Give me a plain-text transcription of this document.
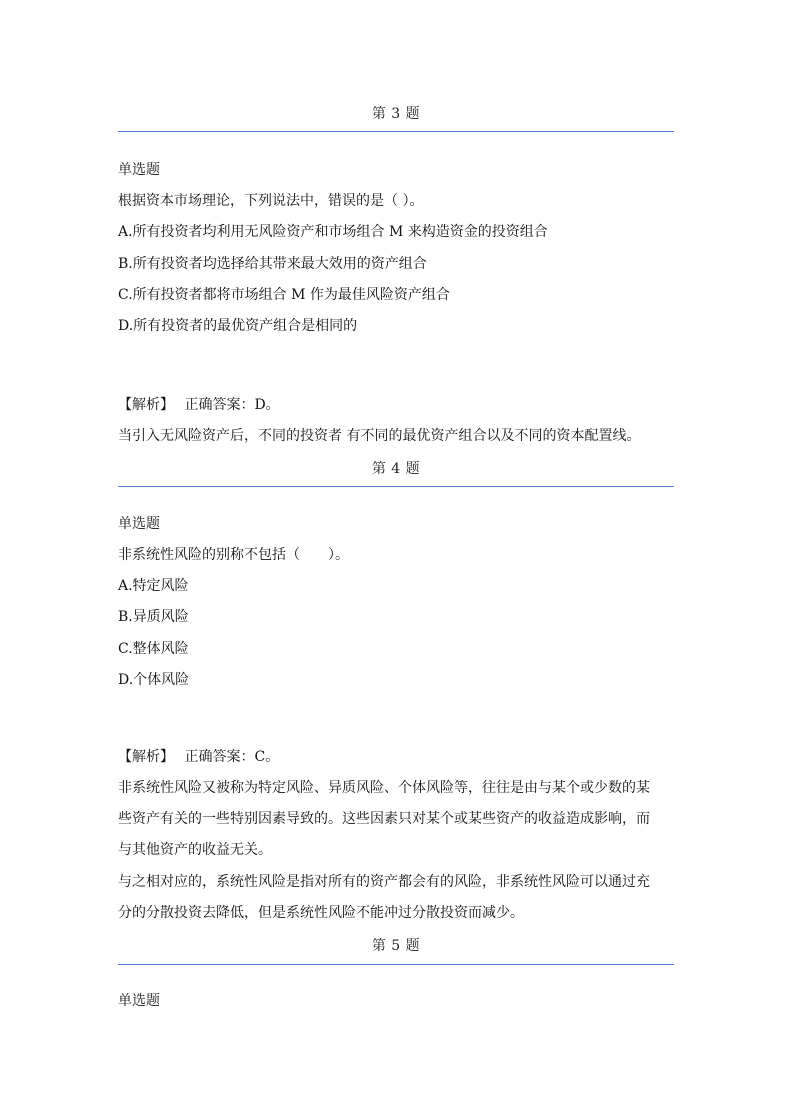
第 3 题
单选题
根据资本市场理论，下列说法中，错误的是（ ）。
A.所有投资者均利用无风险资产和市场组合 M 来构造资金的投资组合
B.所有投资者均选择给其带来最大效用的资产组合
C.所有投资者都将市场组合 M 作为最佳风险资产组合
D.所有投资者的最优资产组合是相同的
【解析】 正确答案：D。
当引入无风险资产后，不同的投资者 有不同的最优资产组合以及不同的资本配置线。
第 4 题
单选题
非系统性风险的别称不包括（　　）。
A.特定风险
B.异质风险
C.整体风险
D.个体风险
【解析】 正确答案：C。
非系统性风险又被称为特定风险、异质风险、个体风险等，往往是由与某个或少数的某
些资产有关的一些特别因素导致的。这些因素只对某个或某些资产的收益造成影响，而
与其他资产的收益无关。
与之相对应的，系统性风险是指对所有的资产都会有的风险，非系统性风险可以通过充
分的分散投资去降低，但是系统性风险不能冲过分散投资而减少。
第 5 题
单选题
